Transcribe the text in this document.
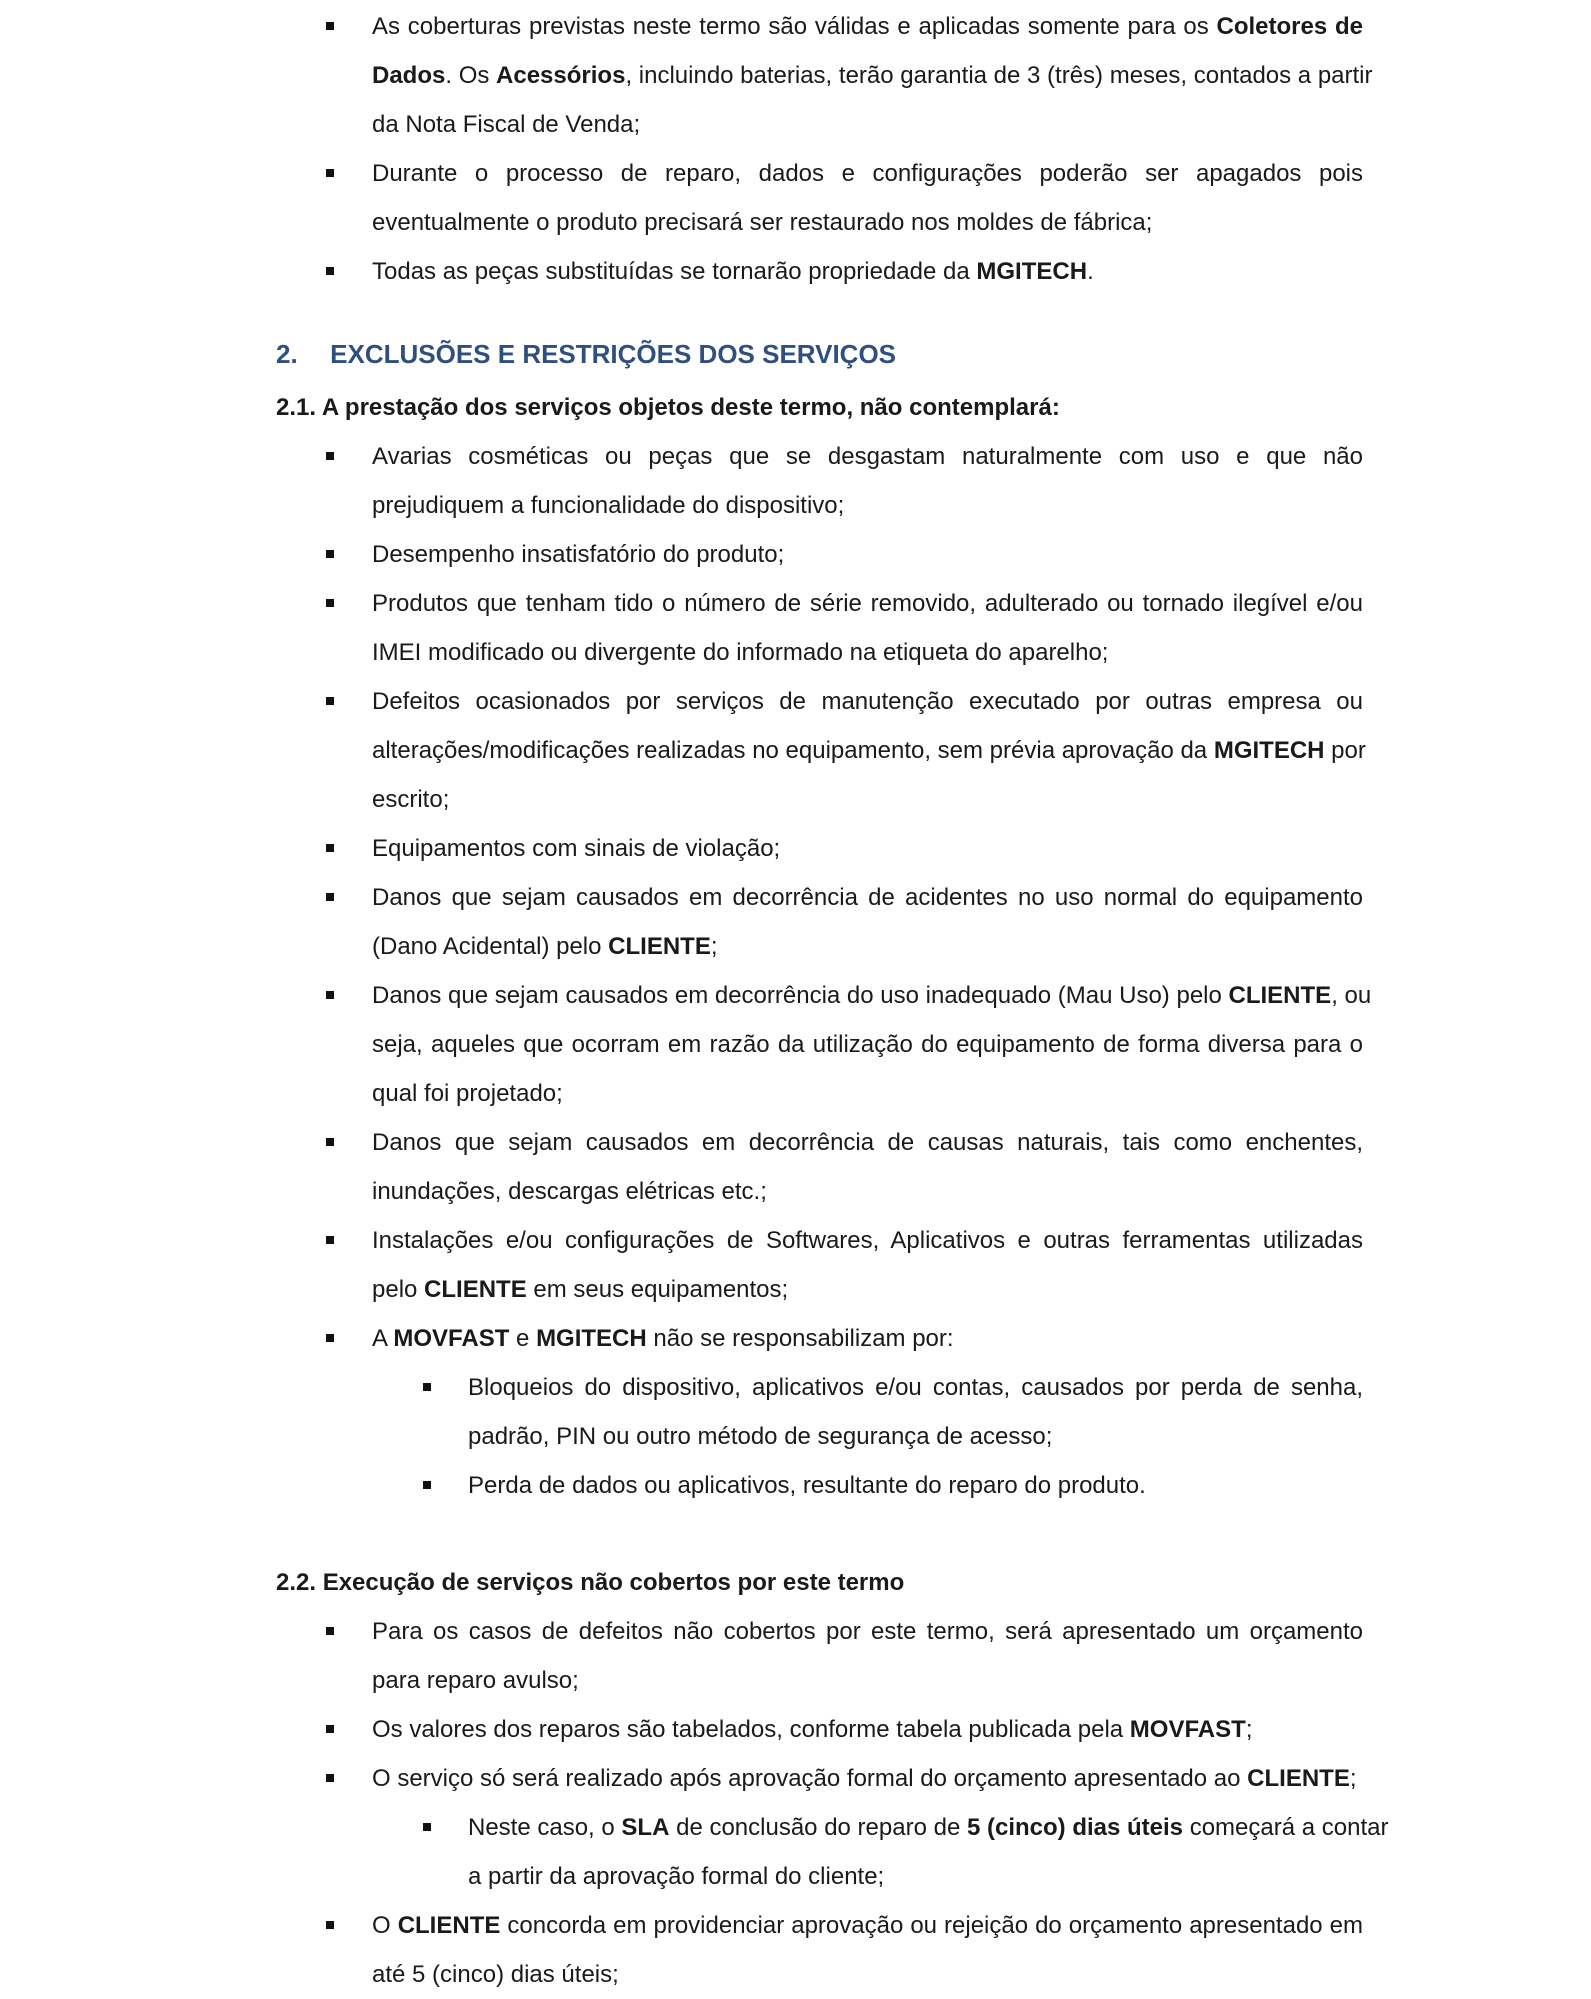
As coberturas previstas neste termo são válidas e aplicadas somente para os Coletores de
Dados. Os Acessórios, incluindo baterias, terão garantia de 3 (três) meses, contados a partir
da Nota Fiscal de Venda;
Durante o processo de reparo, dados e configurações poderão ser apagados pois
eventualmente o produto precisará ser restaurado nos moldes de fábrica;
Todas as peças substituídas se tornarão propriedade da MGITECH.
2. EXCLUSÕES E RESTRIÇÕES DOS SERVIÇOS
2.1. A prestação dos serviços objetos deste termo, não contemplará:
Avarias cosméticas ou peças que se desgastam naturalmente com uso e que não
prejudiquem a funcionalidade do dispositivo;
Desempenho insatisfatório do produto;
Produtos que tenham tido o número de série removido, adulterado ou tornado ilegível e/ou
IMEI modificado ou divergente do informado na etiqueta do aparelho;
Defeitos ocasionados por serviços de manutenção executado por outras empresa ou
alterações/modificações realizadas no equipamento, sem prévia aprovação da MGITECH por
escrito;
Equipamentos com sinais de violação;
Danos que sejam causados em decorrência de acidentes no uso normal do equipamento
(Dano Acidental) pelo CLIENTE;
Danos que sejam causados em decorrência do uso inadequado (Mau Uso) pelo CLIENTE, ou
seja, aqueles que ocorram em razão da utilização do equipamento de forma diversa para o
qual foi projetado;
Danos que sejam causados em decorrência de causas naturais, tais como enchentes,
inundações, descargas elétricas etc.;
Instalações e/ou configurações de Softwares, Aplicativos e outras ferramentas utilizadas
pelo CLIENTE em seus equipamentos;
A MOVFAST e MGITECH não se responsabilizam por:
Bloqueios do dispositivo, aplicativos e/ou contas, causados por perda de senha,
padrão, PIN ou outro método de segurança de acesso;
Perda de dados ou aplicativos, resultante do reparo do produto.
2.2. Execução de serviços não cobertos por este termo
Para os casos de defeitos não cobertos por este termo, será apresentado um orçamento
para reparo avulso;
Os valores dos reparos são tabelados, conforme tabela publicada pela MOVFAST;
O serviço só será realizado após aprovação formal do orçamento apresentado ao CLIENTE;
Neste caso, o SLA de conclusão do reparo de 5 (cinco) dias úteis começará a contar
a partir da aprovação formal do cliente;
O CLIENTE concorda em providenciar aprovação ou rejeição do orçamento apresentado em
até 5 (cinco) dias úteis;
